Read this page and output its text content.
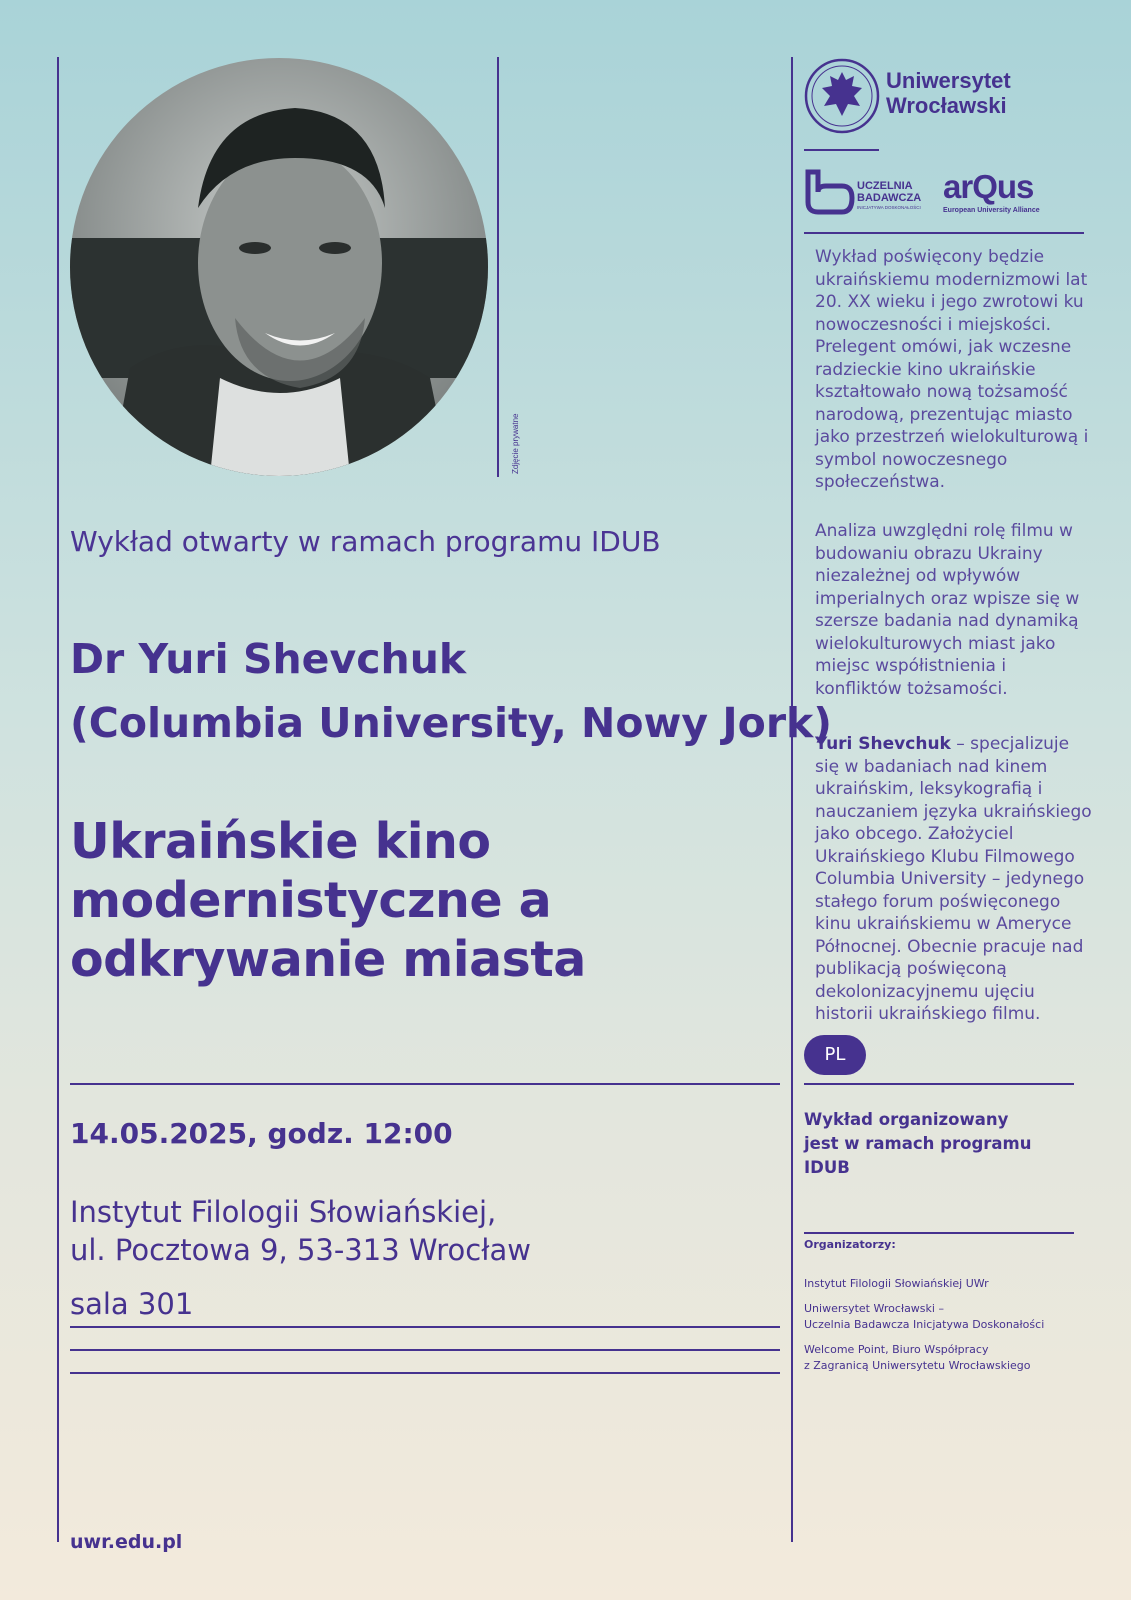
Zdjęcie prywatne
Wykład otwarty w ramach programu IDUB
Dr Yuri Shevchuk
(Columbia University, Nowy Jork)
Ukraińskie kino
modernistyczne a
odkrywanie miasta
14.05.2025, godz. 12:00
Instytut Filologii Słowiańskiej,
ul. Pocztowa 9, 53-313 Wrocław
sala 301
uwr.edu.pl
Uniwersytet
Wrocławski
UCZELNIA
BADAWCZA
INICJATYWA DOSKONAŁOŚCI
arQus
European University Alliance
Wykład poświęcony będzie ukraińskiemu modernizmowi lat 20. XX wieku i jego zwrotowi ku nowoczesności i miejskości. Prelegent omówi, jak wczesne radzieckie kino ukraińskie kształtowało nową tożsamość narodową, prezentując miasto jako przestrzeń wielokulturową i symbol nowoczesnego społeczeństwa.
Analiza uwzględni rolę filmu w budowaniu obrazu Ukrainy niezależnej od wpływów imperialnych oraz wpisze się w szersze badania nad dynamiką wielokulturowych miast jako miejsc współistnienia i konfliktów tożsamości.
Yuri Shevchuk – specjalizuje się w badaniach nad kinem ukraińskim, leksykografią i nauczaniem języka ukraińskiego jako obcego. Założyciel Ukraińskiego Klubu Filmowego Columbia University – jedynego stałego forum poświęconego kinu ukraińskiemu w Ameryce Północnej. Obecnie pracuje nad publikacją poświęconą dekolonizacyjnemu ujęciu historii ukraińskiego filmu.
PL
Wykład organizowany jest w ramach programu IDUB
Organizatorzy:
Instytut Filologii Słowiańskiej UWr
Uniwersytet Wrocławski –
Uczelnia Badawcza Inicjatywa Doskonałości
Welcome Point, Biuro Współpracy
z Zagranicą Uniwersytetu Wrocławskiego
